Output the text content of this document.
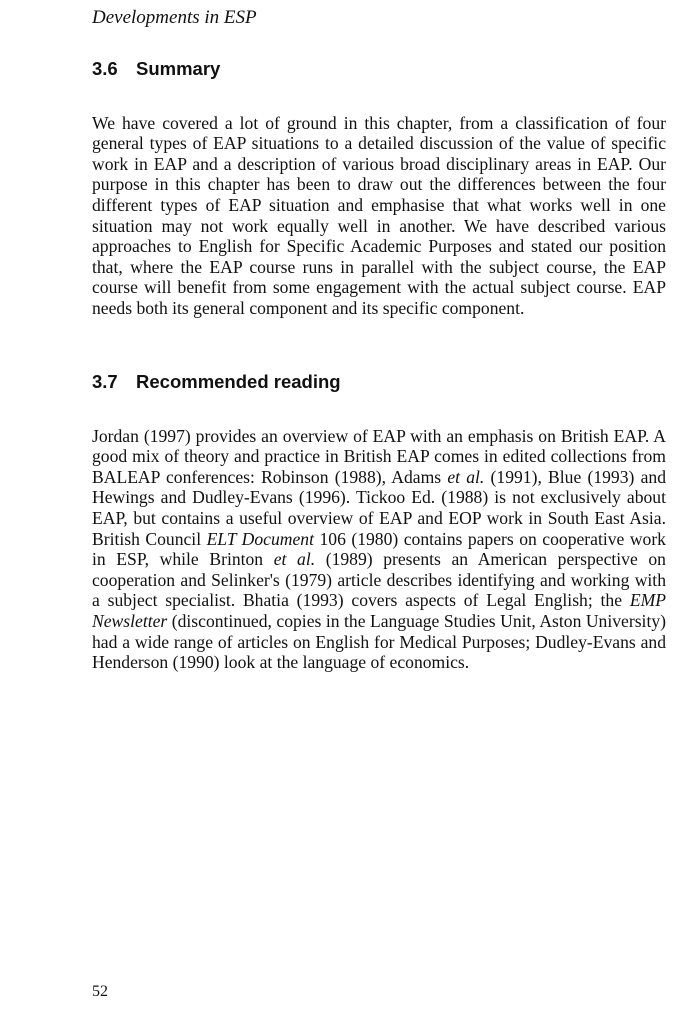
Developments in ESP
3.6 Summary

We have covered a lot of ground in this chapter, from a classification of four general types of EAP situations to a detailed discussion of the value of specific work in EAP and a description of various broad disciplinary areas in EAP. Our purpose in this chapter has been to draw out the differences between the four different types of EAP situation and emphasise that what works well in one situation may not work equally well in another. We have described various approaches to English for Specific Academic Purposes and stated our position that, where the EAP course runs in parallel with the subject course, the EAP course will benefit from some engagement with the actual subject course. EAP needs both its general component and its specific component.

3.7 Recommended reading

Jordan (1997) provides an overview of EAP with an emphasis on British EAP. A good mix of theory and practice in British EAP comes in edited collections from BALEAP conferences: Robinson (1988), Adams et al. (1991), Blue (1993) and Hewings and Dudley-Evans (1996). Tickoo Ed. (1988) is not exclusively about EAP, but contains a useful overview of EAP and EOP work in South East Asia. British Council ELT Document 106 (1980) contains papers on cooperative work in ESP, while Brinton et al. (1989) presents an American perspective on cooperation and Selinker's (1979) article describes identifying and working with a subject specialist. Bhatia (1993) covers aspects of Legal English; the EMP Newsletter (discontinued, copies in the Language Studies Unit, Aston University) had a wide range of articles on English for Medical Purposes; Dudley-Evans and Henderson (1990) look at the language of economics.

52
